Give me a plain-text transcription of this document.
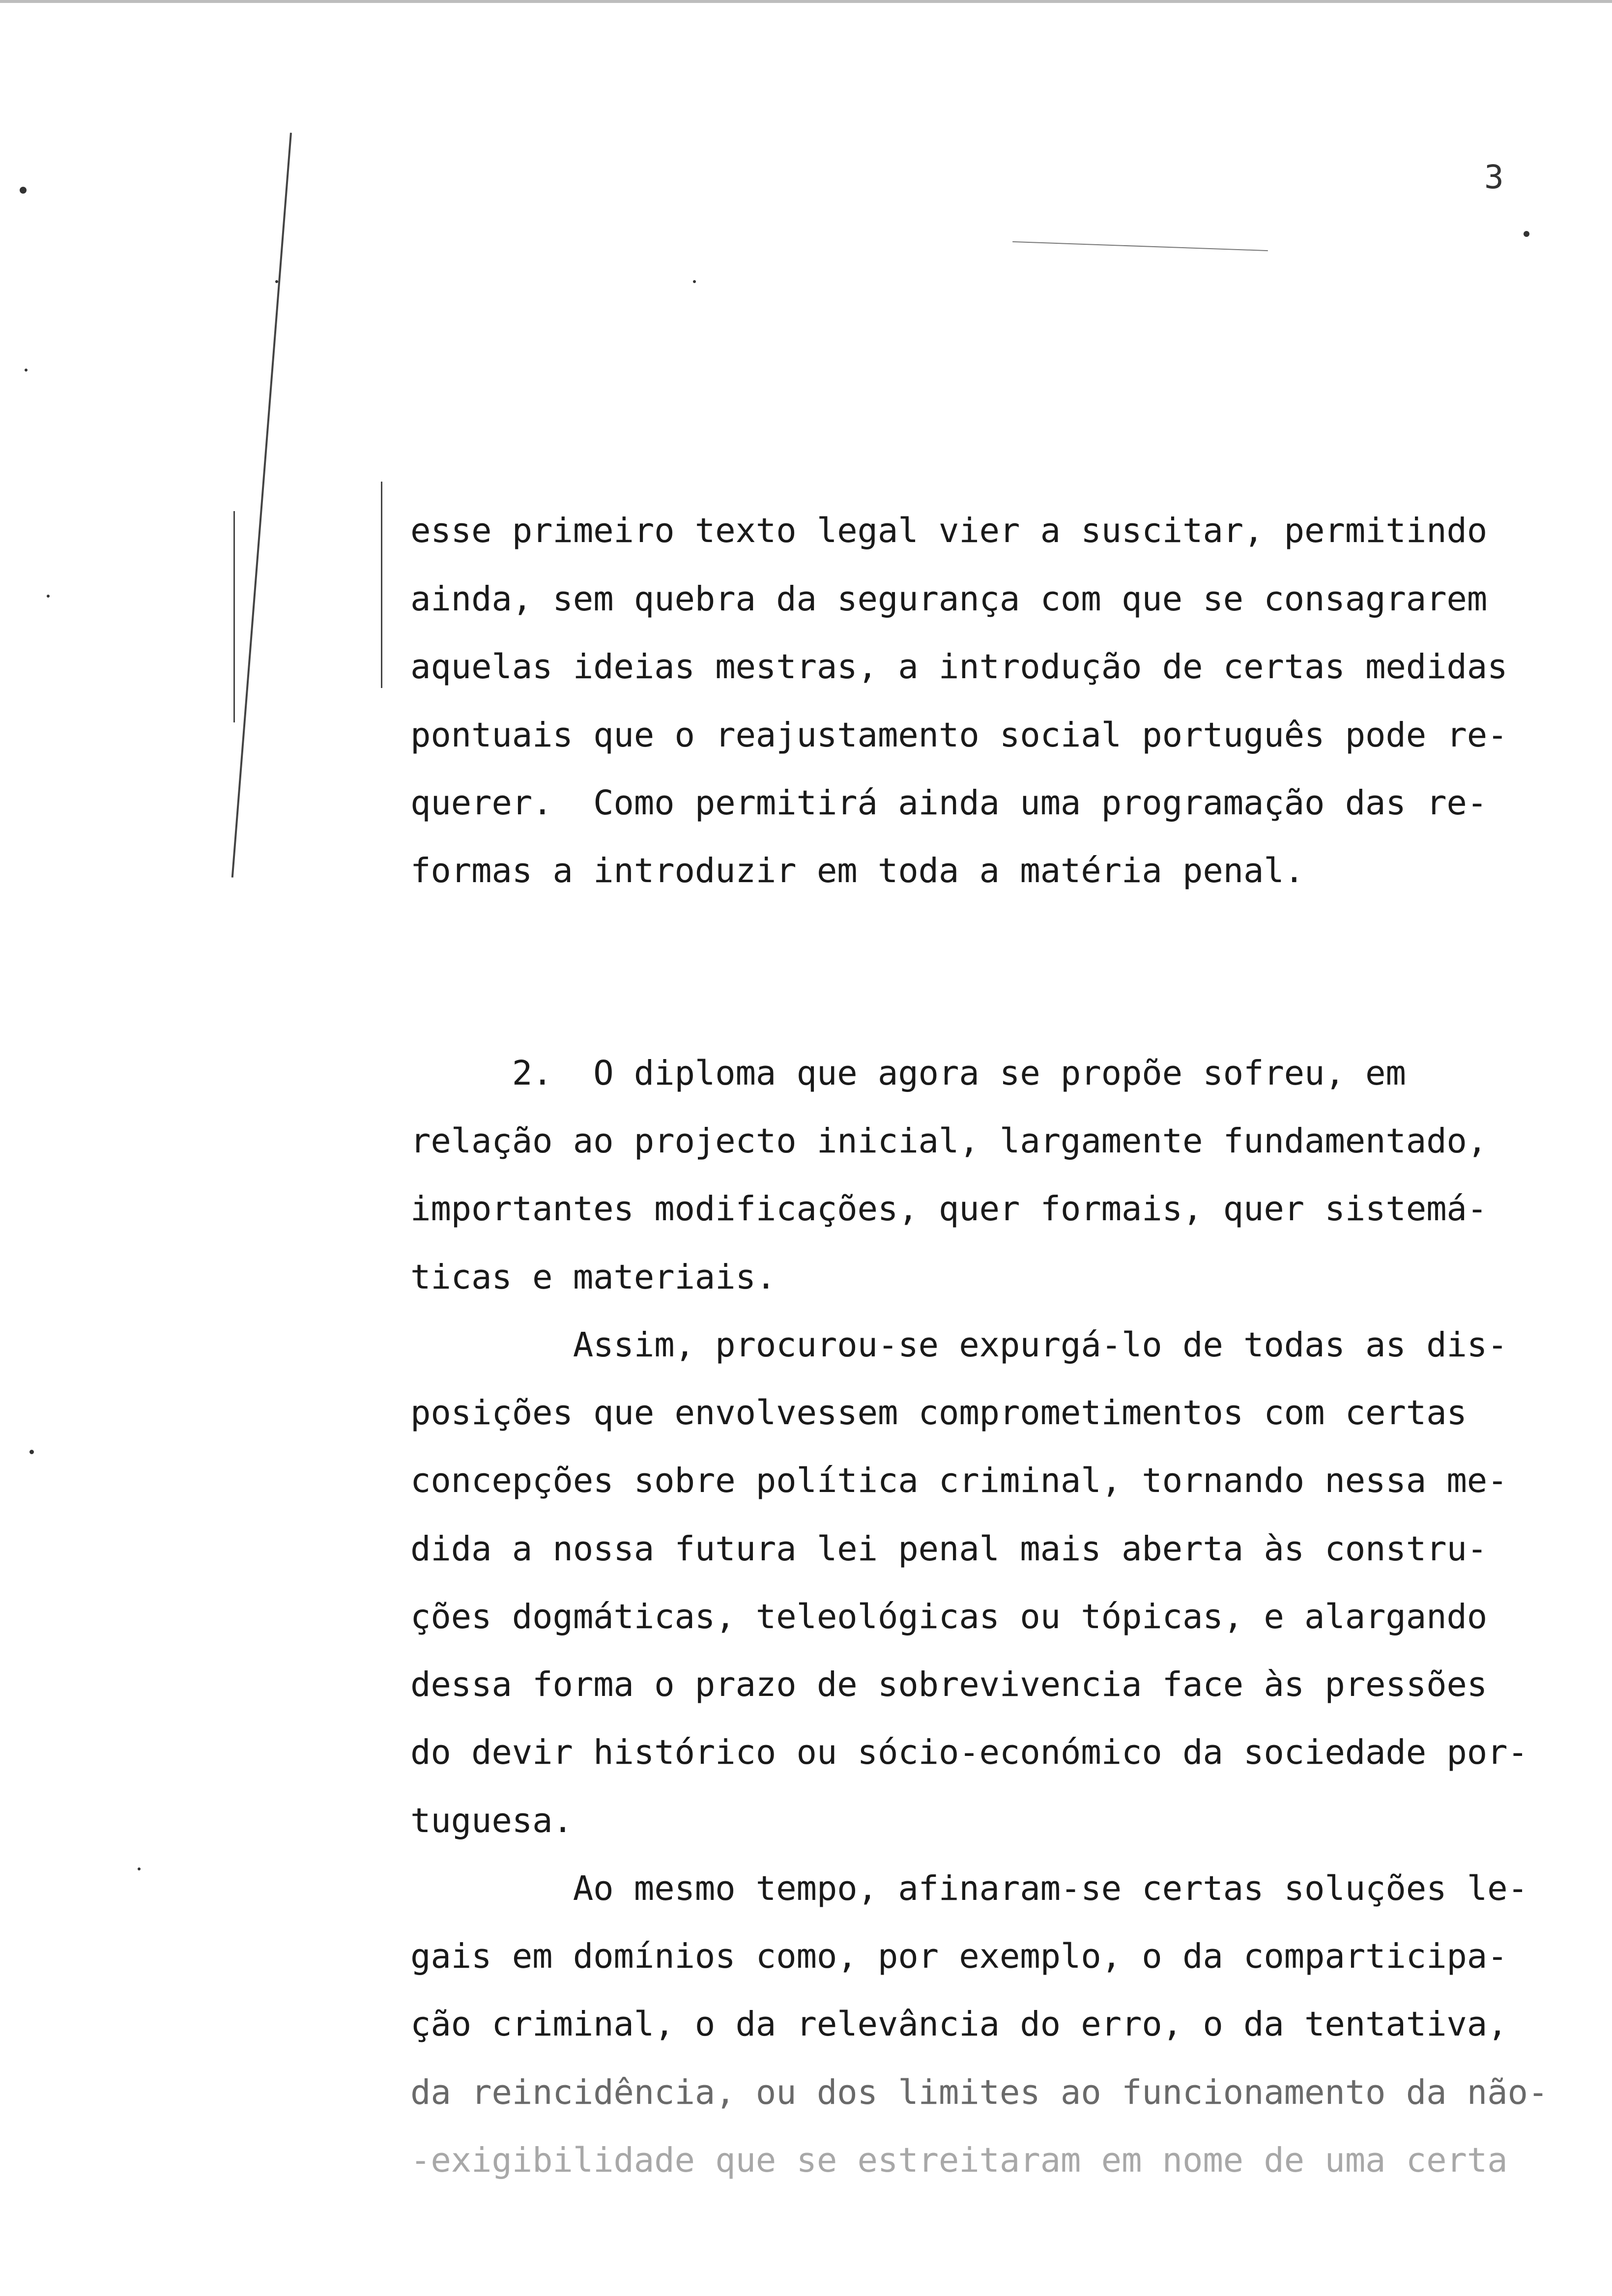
3
esse primeiro texto legal vier a suscitar, permitindo
ainda, sem quebra da segurança com que se consagrarem
aquelas ideias mestras, a introdução de certas medidas
pontuais que o reajustamento social português pode re-
querer.  Como permitirá ainda uma programação das re-
formas a introduzir em toda a matéria penal.
2.  O diploma que agora se propõe sofreu, em
relação ao projecto inicial, largamente fundamentado,
importantes modificações, quer formais, quer sistemá-
ticas e materiais.
Assim, procurou-se expurgá-lo de todas as dis-
posições que envolvessem comprometimentos com certas
concepções sobre política criminal, tornando nessa me-
dida a nossa futura lei penal mais aberta às constru-
ções dogmáticas, teleológicas ou tópicas, e alargando
dessa forma o prazo de sobrevivencia face às pressões
do devir histórico ou sócio-económico da sociedade por-
tuguesa.
Ao mesmo tempo, afinaram-se certas soluções le-
gais em domínios como, por exemplo, o da comparticipa-
ção criminal, o da relevância do erro, o da tentativa,
da reincidência, ou dos limites ao funcionamento da não-
-exigibilidade que se estreitaram em nome de uma certa
